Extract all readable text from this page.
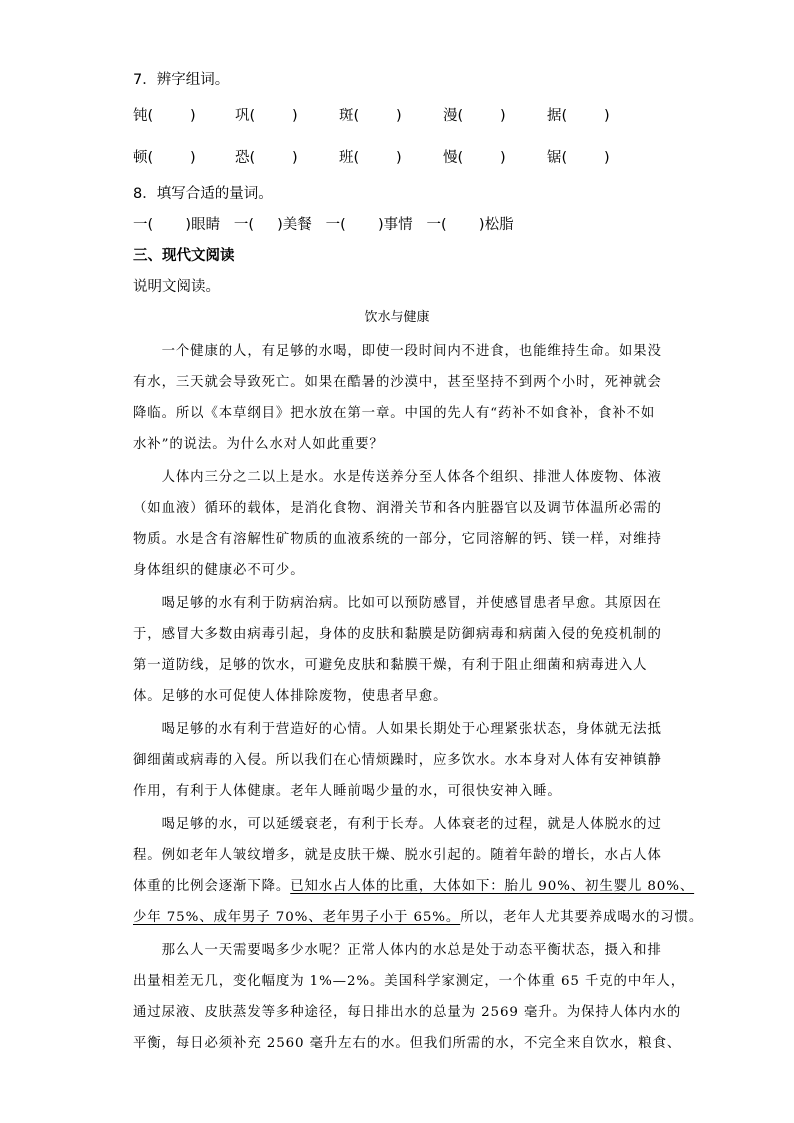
7．辨字组词。
钝(        )	巩(        )	斑(        )	漫(        )	据(        )
顿(        )	恐(        )	班(        )	慢(        )	锯(        )
8．填写合适的量词。
一(       )眼睛   一(     )美餐   一(       )事情   一(       )松脂
三、现代文阅读
说明文阅读。
饮水与健康
　　一个健康的人，有足够的水喝，即使一段时间内不进食，也能维持生命。如果没
有水，三天就会导致死亡。如果在酷暑的沙漠中，甚至坚持不到两个小时，死神就会
降临。所以《本草纲目》把水放在第一章。中国的先人有“药补不如食补，食补不如
水补”的说法。为什么水对人如此重要？
　　人体内三分之二以上是水。水是传送养分至人体各个组织、排泄人体废物、体液
（如血液）循环的载体，是消化食物、润滑关节和各内脏器官以及调节体温所必需的
物质。水是含有溶解性矿物质的血液系统的一部分，它同溶解的钙、镁一样，对维持
身体组织的健康必不可少。
　　喝足够的水有利于防病治病。比如可以预防感冒，并使感冒患者早愈。其原因在
于，感冒大多数由病毒引起，身体的皮肤和黏膜是防御病毒和病菌入侵的免疫机制的
第一道防线，足够的饮水，可避免皮肤和黏膜干燥，有利于阻止细菌和病毒进入人
体。足够的水可促使人体排除废物，使患者早愈。
　　喝足够的水有利于营造好的心情。人如果长期处于心理紧张状态，身体就无法抵
御细菌或病毒的入侵。所以我们在心情烦躁时，应多饮水。水本身对人体有安神镇静
作用，有利于人体健康。老年人睡前喝少量的水，可很快安神入睡。
　　喝足够的水，可以延缓衰老，有利于长寿。人体衰老的过程，就是人体脱水的过
程。例如老年人皱纹增多，就是皮肤干燥、脱水引起的。随着年龄的增长，水占人体
体重的比例会逐渐下降。已知水占人体的比重，大体如下：胎儿 90%、初生婴儿 80%、
少年 75%、成年男子 70%、老年男子小于 65%。所以，老年人尤其要养成喝水的习惯。
　　那么人一天需要喝多少水呢？正常人体内的水总是处于动态平衡状态，摄入和排
出量相差无几，变化幅度为 1%—2%。美国科学家测定，一个体重 65 千克的中年人，
通过尿液、皮肤蒸发等多种途径，每日排出水的总量为 2569 毫升。为保持人体内水的
平衡，每日必须补充 2560 毫升左右的水。但我们所需的水，不完全来自饮水，粮食、
